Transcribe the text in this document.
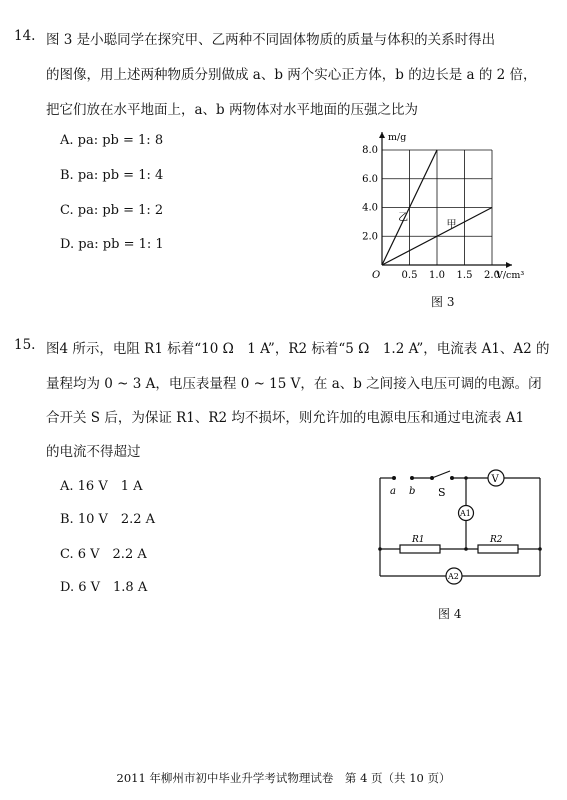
14. 图 3 是小聪同学在探究甲、乙两种不同固体物质的质量与体积的关系时得出
的图像，用上述两种物质分别做成 a、b 两个实心正方体，b 的边长是 a 的 2 倍，
把它们放在水平地面上，a、b 两物体对水平地面的压强之比为
A. pa: pb = 1: 8
B. pa: pb = 1: 4
C. pa: pb = 1: 2
D. pa: pb = 1: 1
乙
甲
0.5 1.0 1.5 2.0
2.0
4.0
6.0
8.0
O	V/cm³
m/g
图 3
15. 图4 所示，电阻 R1 标着“10 Ω　1 A”，R2 标着“5 Ω　1.2 A”，电流表 A1、A2 的
量程均为 0 ~ 3 A，电压表量程 0 ~ 15 V，在 a、b 之间接入电压可调的电源。闭
合开关 S 后，为保证 R1、R2 均不损坏，则允许加的电源电压和通过电流表 A1
的电流不得超过
A. 16 V　1 A
B. 10 V　2.2 A
C. 6 V　2.2 A
D. 6 V　1.8 A
a b S
V
A1
A2
R1	R2
图 4
2011 年柳州市初中毕业升学考试物理试卷　第 4 页（共 10 页）
